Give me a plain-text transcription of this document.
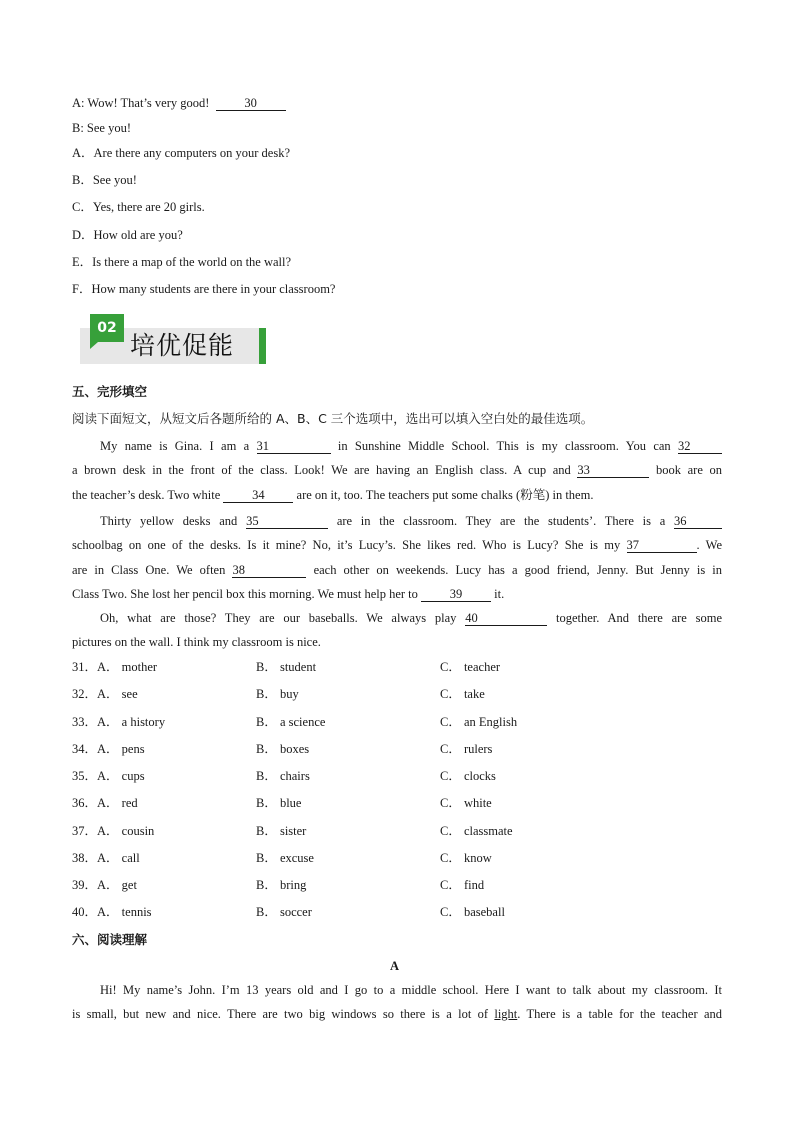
A: Wow! That’s very good!	30
B: See you!
A．Are there any computers on your desk?
B．See you!
C．Yes, there are 20 girls.
D．How old are you?
E．Is there a map of the world on the wall?
F．How many students are there in your classroom?
02
培优促能
五、完形填空
阅读下面短文，从短文后各题所给的 A、B、C 三个选项中，选出可以填入空白处的最佳选项。
My name is Gina. I am a 31	in Sunshine Middle School. This is my classroom. You can 32
a brown desk in the front of the class. Look! We are having an English class. A cup and 33	book are on
the teacher’s desk. Two white	34	are on it, too. The teachers put some chalks (粉笔) in them.
Thirty yellow desks and 35	are in the classroom. They are the students’. There is a 36
schoolbag on one of the desks. Is it mine? No, it’s Lucy’s. She likes red. Who is Lucy? She is my 37	. We
are in Class One. We often 38	each other on weekends. Lucy has a good friend, Jenny. But Jenny is in
Class Two. She lost her pencil box this morning. We must help her to	39	it.
Oh, what are those? They are our baseballs. We always play 40	together. And there are some
pictures on the wall. I think my classroom is nice.
31．A． mother	B． student	C． teacher
32．A． see	B． buy	C． take
33．A． a history	B． a science	C． an English
34．A． pens	B． boxes	C． rulers
35．A． cups	B． chairs	C． clocks
36．A． red	B． blue	C． white
37．A． cousin	B． sister	C． classmate
38．A． call	B． excuse	C． know
39．A． get	B． bring	C． find
40．A． tennis	B． soccer	C． baseball
六、阅读理解
A
Hi! My name’s John. I’m 13 years old and I go to a middle school. Here I want to talk about my classroom. It
is small, but new and nice. There are two big windows so there is a lot of light. There is a table for the teacher and
